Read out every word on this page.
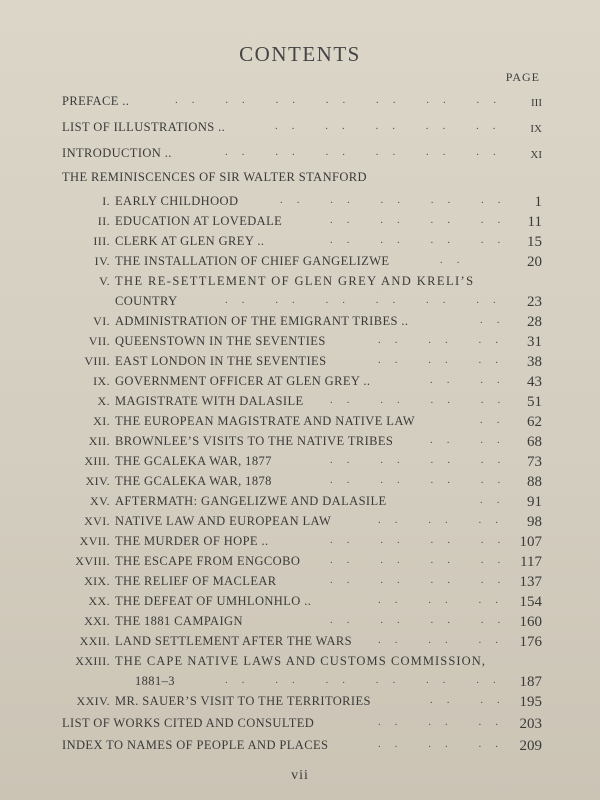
CONTENTS
PAGE
PREFACE ..	.. .. .. .. .. .. ..	iii
LIST OF ILLUSTRATIONS ..	.. .. .. .. ..	ix
INTRODUCTION ..	.. .. .. .. .. ..	xi
THE REMINISCENCES OF SIR WALTER STANFORD
I. EARLY CHILDHOOD	.. .. .. .. ..	1
II. EDUCATION AT LOVEDALE	.. .. .. .. 11
III. CLERK AT GLEN GREY ..	.. .. .. .. 15
IV. THE INSTALLATION OF CHIEF GANGELIZWE	..	20
V. THE RE-SETTLEMENT OF GLEN GREY AND KRELI’S
COUNTRY	.. .. .. .. .. ..	23
VI. ADMINISTRATION OF THE EMIGRANT TRIBES ..	.. 28
VII. QUEENSTOWN IN THE SEVENTIES	.. .. ..	31
VIII. EAST LONDON IN THE SEVENTIES	.. .. ..	38
IX. GOVERNMENT OFFICER AT GLEN GREY ..	.. .. 43
X. MAGISTRATE WITH DALASILE .. .. .. .. 51
XI. THE EUROPEAN MAGISTRATE AND NATIVE LAW	.. 62
XII. BROWNLEE’S VISITS TO THE NATIVE TRIBES	.. .. 68
XIII. THE GCALEKA WAR, 1877	.. .. .. .. 73
XIV. THE GCALEKA WAR, 1878	.. .. .. .. 88
XV. AFTERMATH: GANGELIZWE AND DALASILE	.. 91
XVI. NATIVE LAW AND EUROPEAN LAW	.. .. ..	98
XVII. THE MURDER OF HOPE ..	.. .. .. .. 107
XVIII. THE ESCAPE FROM ENGCOBO	.. .. .. .. 117
XIX. THE RELIEF OF MACLEAR	.. .. .. .. 137
XX. THE DEFEAT OF UMHLONHLO ..	.. .. .. 154
XXI. THE 1881 CAMPAIGN	.. .. .. .. 160
XXII. LAND SETTLEMENT AFTER THE WARS .. .. .. 176
XXIII. THE CAPE NATIVE LAWS AND CUSTOMS COMMISSION,
1881–3	.. .. .. .. .. .. 187
XXIV. MR. SAUER’S VISIT TO THE TERRITORIES	.. .. 195
LIST OF WORKS CITED AND CONSULTED	.. .. .. 203
INDEX TO NAMES OF PEOPLE AND PLACES	.. .. .. 209
vii
